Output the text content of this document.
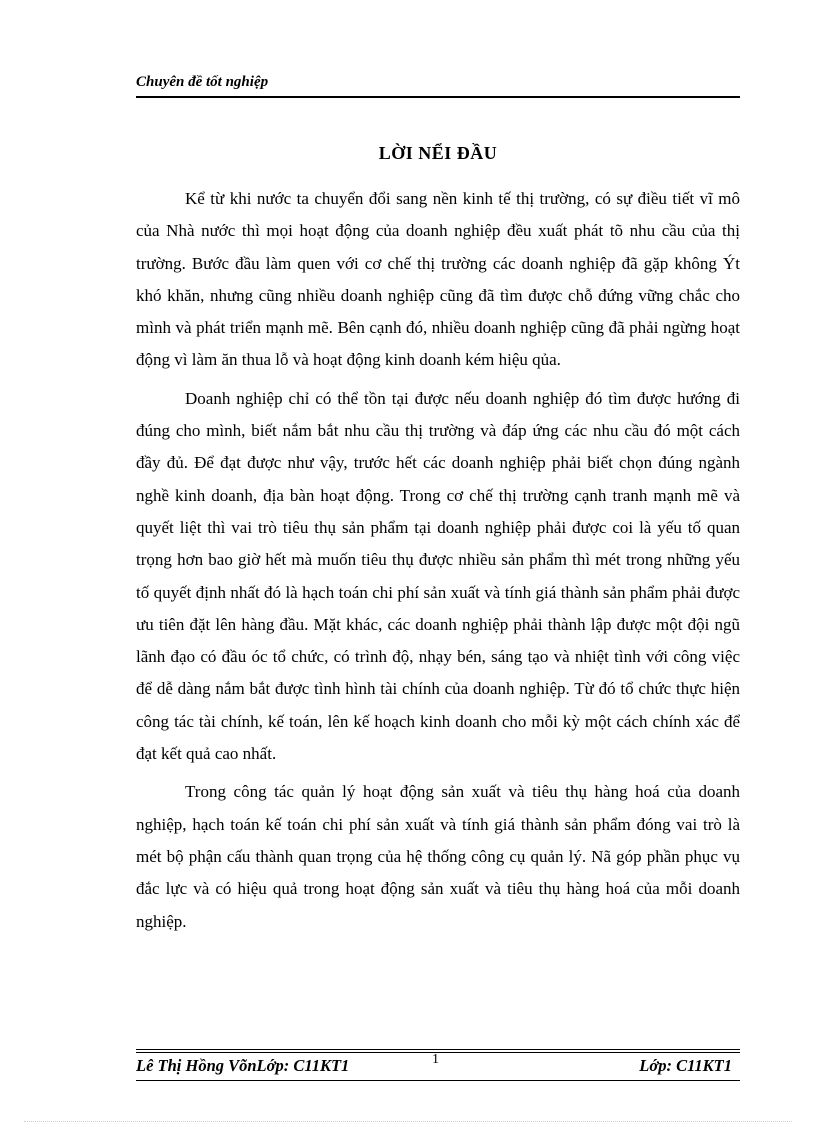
Chuyên đề tốt nghiệp
LỜI NỂI ĐẦU

Kể từ khi nước ta chuyển đổi sang nền kinh tế thị trường, có sự điều tiết vĩ mô của Nhà nước thì mọi hoạt động của doanh nghiệp đều xuất phát tõ nhu cầu của thị trường. Bước đầu làm quen với cơ chế thị trường các doanh nghiệp đã gặp không Ýt khó khăn, nhưng cũng nhiều doanh nghiệp cũng đã tìm được chỗ đứng vững chắc cho mình và phát triển mạnh mẽ. Bên cạnh đó, nhiều doanh nghiệp cũng đã phải ngừng hoạt động vì làm ăn thua lỗ và hoạt động kinh doanh kém hiệu qủa.

Doanh nghiệp chỉ có thể tồn tại được nếu doanh nghiệp đó tìm được hướng đi đúng cho mình, biết nắm bắt nhu cầu thị trường và đáp ứng các nhu cầu đó một cách đầy đủ. Để đạt được như vậy, trước hết các doanh nghiệp phải biết chọn đúng ngành nghề kinh doanh, địa bàn hoạt động. Trong cơ chế thị trường cạnh tranh mạnh mẽ và quyết liệt thì vai trò tiêu thụ sản phẩm tại doanh nghiệp phải được coi là yếu tố quan trọng hơn bao giờ hết mà muốn tiêu thụ được nhiều sản phẩm thì mét trong những yếu tố quyết định nhất đó là hạch toán chi phí sản xuất và tính giá thành sản phẩm phải được ưu tiên đặt lên hàng đầu. Mặt khác, các doanh nghiệp phải thành lập được một đội ngũ lãnh đạo có đầu óc tổ chức, có trình độ, nhạy bén, sáng tạo và nhiệt tình với công việc để dễ dàng nắm bắt được tình hình tài chính của doanh nghiệp. Từ đó tổ chức thực hiện công tác tài chính, kế toán, lên kế hoạch kinh doanh cho mỗi kỳ một cách chính xác để đạt kết quả cao nhất.

Trong công tác quản lý hoạt động sản xuất và tiêu thụ hàng hoá của doanh nghiệp, hạch toán kế toán chi phí sản xuất và tính giá thành sản phẩm đóng vai trò là mét bộ phận cấu thành quan trọng của hệ thống công cụ quản lý. Nã góp phần phục vụ đắc lực và có hiệu quả trong hoạt động sản xuất và tiêu thụ hàng hoá của mỗi doanh nghiệp.

Lê Thị Hồng VõnLớp: C11KT1	1	Lớp: C11KT1
